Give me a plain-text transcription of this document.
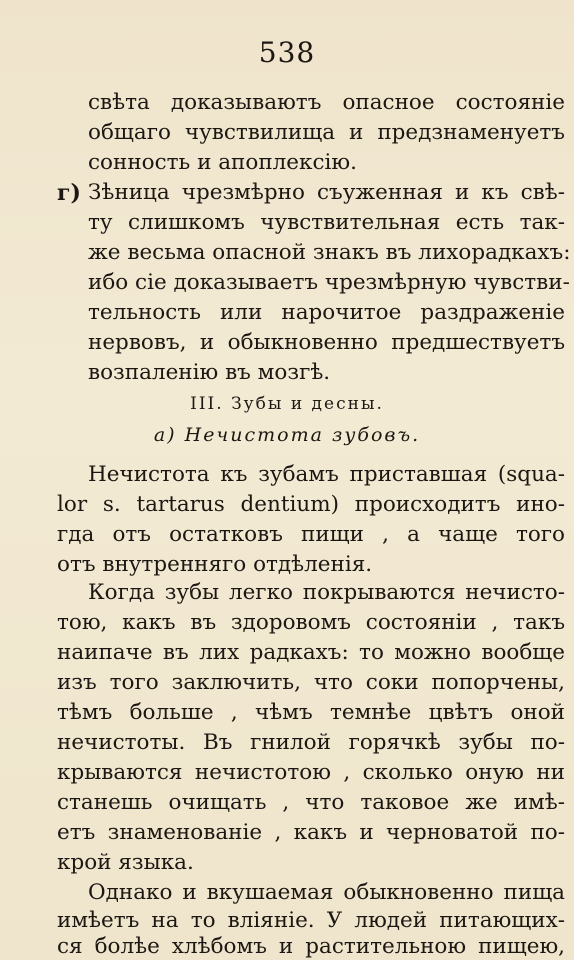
538
свѣта доказываютъ опасное состоянiе
общаго чувствилища и предзнаменуетъ
сонность и апоплексiю.
г) Зѣница чрезмѣрно съуженная и къ свѣ-
ту слишкомъ чувствительная есть так-
же весьма опасной знакъ въ лихорадкахъ:
ибо сiе доказываетъ чрезмѣрную чувстви-
тельность или нарочитое раздраженiе
нервовъ, и обыкновенно предшествуетъ
возпаленiю въ мозгѣ.
III. Зубы и десны.
а) Нечистота зубовъ.
Нечистота къ зубамъ приставшая (squa-
lor s. tartarus dentium) происходитъ ино-
гда отъ остатковъ пищи , а чаще того
отъ внутренняго отдѣленiя.
Когда зубы легко покрываются нечисто-
тою, какъ въ здоровомъ состоянiи , такъ
наипаче въ лих радкахъ: то можно вообще
изъ того заключить, что соки попорчены,
тѣмъ больше , чѣмъ темнѣе цвѣтъ оной
нечистоты. Въ гнилой горячкѣ зубы по-
крываются нечистотою , сколько оную ни
станешь очищать , что таковое же имѣ-
етъ знаменованiе , какъ и черноватой по-
крой языка.
Однако и вкушаемая обыкновенно пища
имѣетъ на то влiянiе. У людей питающих-
ся болѣе хлѣбомъ и растительною пищею,
